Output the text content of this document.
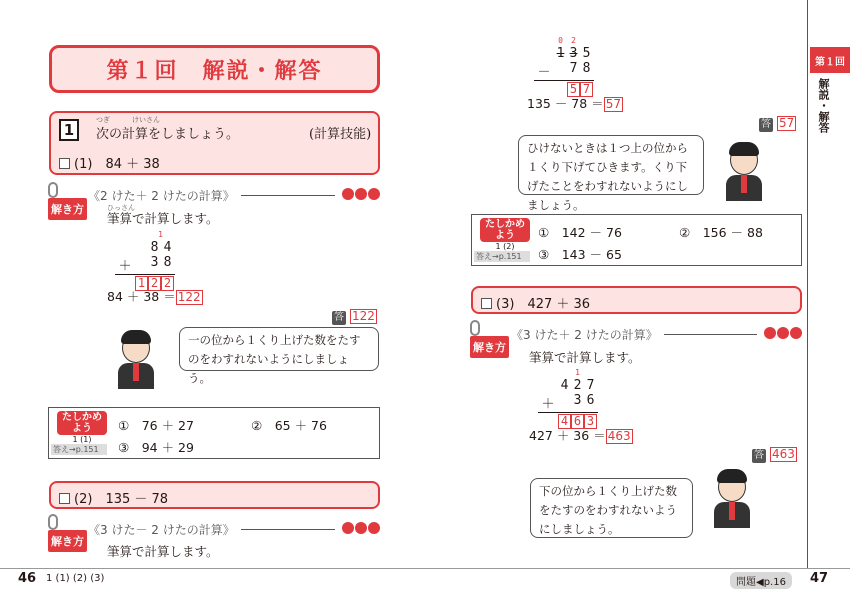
第１回　解説・解答
1
つぎ	けいさん
次の計算をしましょう。	(計算技能)
(1)　 84 ＋ 38
解き方
《2 けた＋ 2 けたの計算》
ひっさん
筆算で計算します。
1
8 4
＋ 3 8
1 2 2
84 ＋ 38 ＝ 122
答 122
一の位から１くり上げた数をたすのをわすれないようにしましょう。
たしかめよう
1 (1)
答え→p.151
①　76 ＋ 27	②　65 ＋ 76
③　94 ＋ 29
(2)　 135 － 78
解き方
《3 けた－ 2 けたの計算》
筆算で計算します。
46 1 (1) (2) (3)
0	2
1 3 5
－ 7 8
5 7
135 － 78 ＝ 57
答 57
ひけないときは１つ上の位から１くり下げてひきます。くり下げたことをわすれないようにしましょう。
たしかめよう
1 (2)
答え→p.151
①　142 － 76	②　156 － 88
③　143 － 65
(3)　 427 ＋ 36
解き方
《3 けた＋ 2 けたの計算》
筆算で計算します。
1
4 2 7
＋ 3 6
4 6 3
427 ＋ 36 ＝ 463
答 463
下の位から１くり上げた数をたすのをわすれないようにしましょう。
第１回
解説・解答
問題◀p.16	47
